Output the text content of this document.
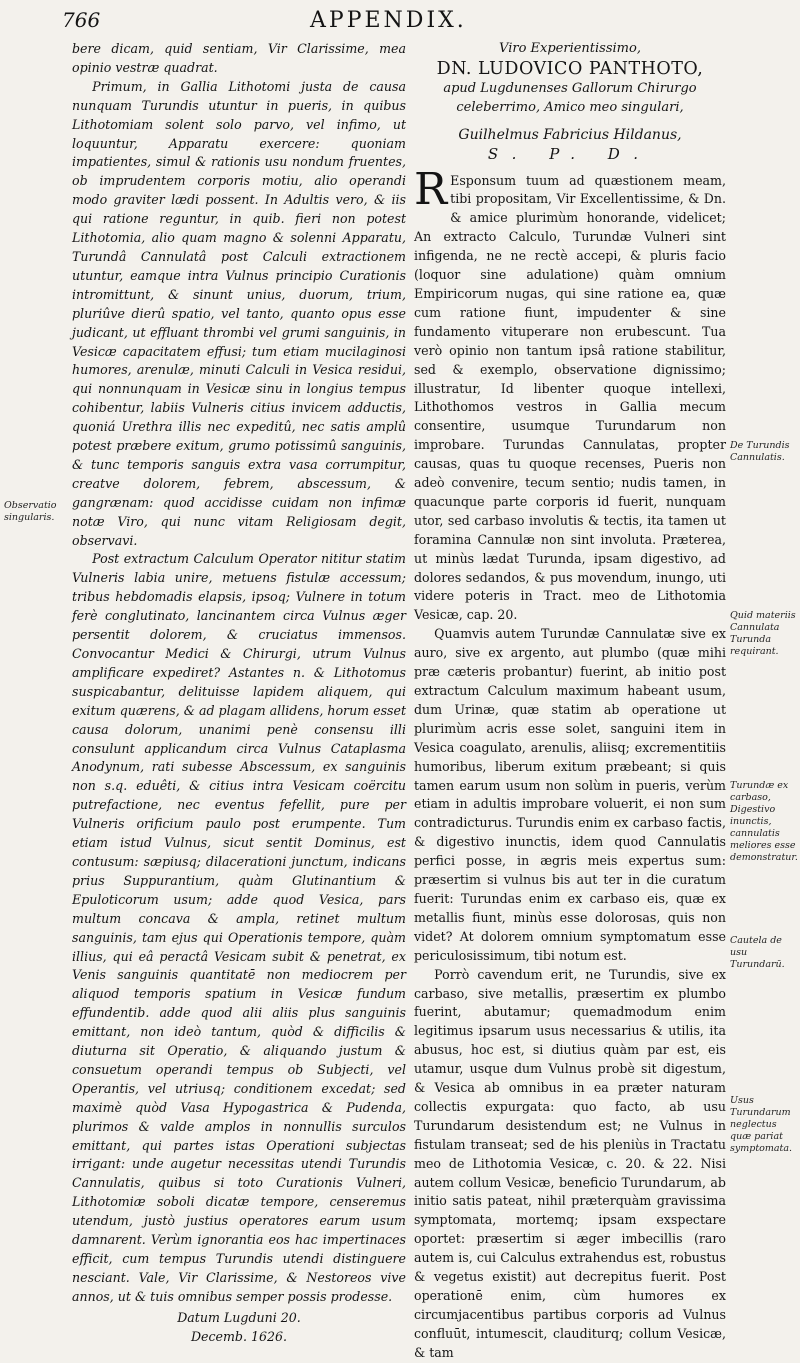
766	APPENDIX.

bere dicam, quid sentiam, Vir Clarissime, mea opinio vestræ quadrat.

Primum, in Gallia Lithotomi justa de causa nunquam Turundis utuntur in pueris, in quibus Lithotomiam solent solo parvo, vel infimo, ut loquuntur, Apparatu exercere: quoniam impatientes, simul & rationis usu nondum fruentes, ob imprudentem corporis motiu, alio operandi modo graviter lædi possent. In Adultis vero, & iis qui ratione reguntur, in quib. fieri non potest Lithotomia, alio quam magno & solenni Apparatu, Turundâ Cannulatâ post Calculi extractionem utuntur, eamque intra Vulnus principio Curationis intromittunt, & sinunt unius, duorum, trium, pluriûve dierû spatio, vel tanto, quanto opus esse judicant, ut effluant thrombi vel grumi sanguinis, in Vesicæ capacitatem effusi; tum etiam mucilaginosi humores, arenulæ, minuti Calculi in Vesica residui, qui nonnunquam in Vesicæ sinu in longius tempus cohibentur, labiis Vulneris citius invicem adductis, quoniá Urethra illis nec expeditû, nec satis amplû potest præbere exitum, grumo potissimû sanguinis, & tunc temporis sanguis extra vasa corrumpitur, creatve dolorem, febrem, abscessum, & gangrænam: quod accidisse cuidam non infimæ notæ Viro, qui nunc vitam Religiosam degit, observavi.

Post extractum Calculum Operator nititur statim Vulneris labia unire, metuens fistulæ accessum; tribus hebdomadis elapsis, ipsoq; Vulnere in totum ferè conglutinato, lancinantem circa Vulnus æger persentit dolorem, & cruciatus immensos. Convocantur Medici & Chirurgi, utrum Vulnus amplificare expediret? Astantes n. & Lithotomus suspicabantur, delituisse lapidem aliquem, qui exitum quærens, & ad plagam allidens, horum esset causa dolorum, unanimi penè consensu illi consulunt applicandum circa Vulnus Cataplasma Anodynum, rati subesse Abscessum, ex sanguinis non s.q. eduêti, & citius intra Vesicam coërcitu putrefactione, nec eventus fefellit, pure per Vulneris orificium paulo post erumpente. Tum etiam istud Vulnus, sicut sentit Dominus, est contusum: sæpiusq; dilacerationi junctum, indicans prius Suppurantium, quàm Glutinantium & Epuloticorum usum; adde quod Vesica, pars multum concava & ampla, retinet multum sanguinis, tam ejus qui Operationis tempore, quàm illius, qui eâ peractâ Vesicam subit & penetrat, ex Venis sanguinis quantitatē non mediocrem per aliquod temporis spatium in Vesicæ fundum effundentib. adde quod alii aliis plus sanguinis emittant, non ideò tantum, quòd & difficilis & diuturna sit Operatio, & aliquando justum & consuetum operandi tempus ob Subjecti, vel Operantis, vel utriusq; conditionem excedat; sed maximè quòd Vasa Hypogastrica & Pudenda, plurimos & valde amplos in nonnullis surculos emittant, qui partes istas Operationi subjectas irrigant: unde augetur necessitas utendi Turundis Cannulatis, quibus si toto Curationis Vulneri, Lithotomiæ soboli dicatæ tempore, censeremus utendum, justò justius operatores earum usum damnarent. Verùm ignorantia eos hac impertinaces efficit, cum tempus Turundis utendi distinguere nesciant. Vale, Vir Clarissime, & Nestoreos vive annos, ut & tuis omnibus semper possis prodesse.

Datum Lugduni 20.

Decemb. 1626.

Viro Experientissimo,

DN. LUDOVICO PANTHOTO,

apud Lugdunenses Gallorum Chirurgo celeberrimo, Amico meo singulari,

Guilhelmus Fabricius Hildanus,

S. P. D.

R Esponsum tuum ad quæstionem meam, tibi propositam, Vir Excellentissime, & Dn. & amice plurimùm honorande, videlicet; An extracto Calculo, Turundæ Vulneri sint infigenda, ne ne rectè accepi, & pluris facio (loquor sine adulatione) quàm omnium Empiricorum nugas, qui sine ratione ea, quæ cum ratione fiunt, impudenter & sine fundamento vituperare non erubescunt. Tua verò opinio non tantum ipsâ ratione stabilitur, sed & exemplo, observatione dignissimo; illustratur, Id libenter quoque intellexi, Lithothomos vestros in Gallia mecum consentire, usumque Turundarum non improbare. Turundas Cannulatas, propter causas, quas tu quoque recenses, Pueris non adeò convenire, tecum sentio; nudis tamen, in quacunque parte corporis id fuerit, nunquam utor, sed carbaso involutis & tectis, ita tamen ut foramina Cannulæ non sint involuta. Præterea, ut minùs lædat Turunda, ipsam digestivo, ad dolores sedandos, & pus movendum, inungo, uti videre poteris in Tract. meo de Lithotomia Vesicæ, cap. 20.

Quamvis autem Turundæ Cannulatæ sive ex auro, sive ex argento, aut plumbo (quæ mihi præ cæteris probantur) fuerint, ab initio post extractum Calculum maximum habeant usum, dum Urinæ, quæ statim ab operatione ut plurimùm acris esse solet, sanguini item in Vesica coagulato, arenulis, aliisq; excrementitiis humoribus, liberum exitum præbeant; si quis tamen earum usum non solùm in pueris, verùm etiam in adultis improbare voluerit, ei non sum contradicturus. Turundis enim ex carbaso factis, & digestivo inunctis, idem quod Cannulatis perfici posse, in ægris meis expertus sum: præsertim si vulnus bis aut ter in die curatum fuerit: Turundas enim ex carbaso eis, quæ ex metallis fiunt, minùs esse dolorosas, quis non videt? At dolorem omnium symptomatum esse periculosissimum, tibi notum est.

Porrò cavendum erit, ne Turundis, sive ex carbaso, sive metallis, præsertim ex plumbo fuerint, abutamur; quemadmodum enim legitimus ipsarum usus necessarius & utilis, ita abusus, hoc est, si diutius quàm par est, eis utamur, usque dum Vulnus probè sit digestum, & Vesica ab omnibus in ea præter naturam collectis expurgata: quo facto, ab usu Turundarum desistendum est; ne Vulnus in fistulam transeat; sed de his pleniùs in Tractatu meo de Lithotomia Vesicæ, c. 20. & 22. Nisi autem collum Vesicæ, beneficio Turundarum, ab initio satis pateat, nihil præterquàm gravissima symptomata, mortemq; ipsam exspectare oportet: præsertim si æger imbecillis (raro autem is, cui Calculus extrahendus est, robustus & vegetus existit) aut decrepitus fuerit. Post operationē enim, cùm humores ex circumjacentibus partibus corporis ad Vulnus confluūt, intumescit, clauditurq; collum Vesicæ, & tam

Observatio singularis.
De Turundis Cannulatis.
Quid materiis Cannulata Turunda requirant.
Turundæ ex carbaso, Digestivo inunctis, cannulatis meliores esse demonstratur.
Cautela de usu Turundarū.
Usus Turundarum neglectus quæ pariat symptomata.
